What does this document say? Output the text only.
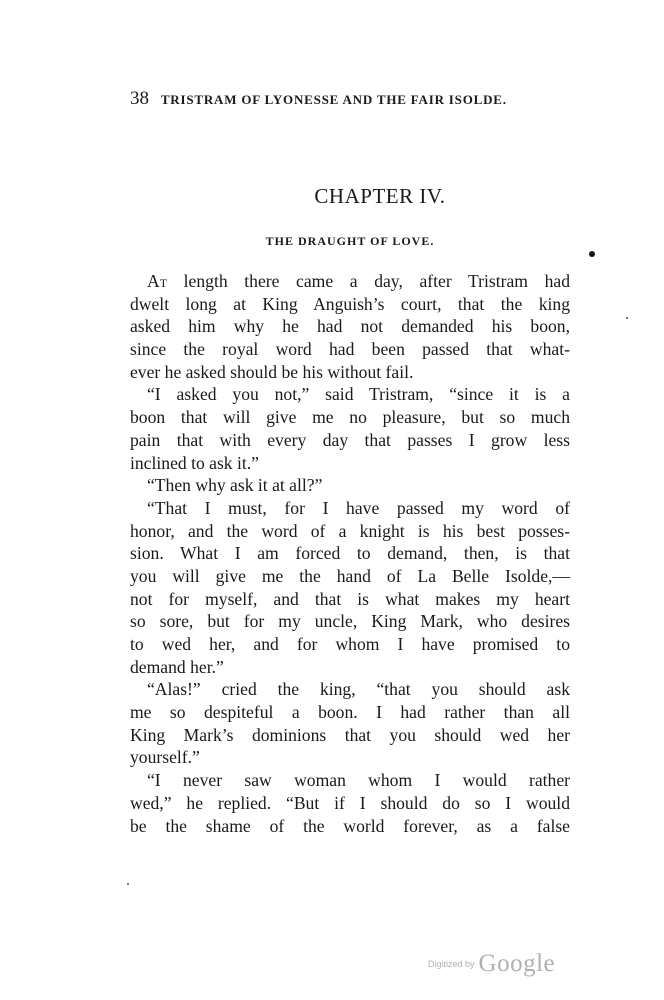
38 TRISTRAM OF LYONESSE AND THE FAIR ISOLDE.
CHAPTER IV.
THE DRAUGHT OF LOVE.
At length there came a day, after Tristram had
dwelt long at King Anguish’s court, that the king
asked him why he had not demanded his boon,
since the royal word had been passed that what-
ever he asked should be his without fail.
“I asked you not,” said Tristram, “since it is a
boon that will give me no pleasure, but so much
pain that with every day that passes I grow less
inclined to ask it.”
“Then why ask it at all?”
“That I must, for I have passed my word of
honor, and the word of a knight is his best posses-
sion. What I am forced to demand, then, is that
you will give me the hand of La Belle Isolde,—
not for myself, and that is what makes my heart
so sore, but for my uncle, King Mark, who desires
to wed her, and for whom I have promised to
demand her.”
“Alas!” cried the king, “that you should ask
me so despiteful a boon. I had rather than all
King Mark’s dominions that you should wed her
yourself.”
“I never saw woman whom I would rather
wed,” he replied. “But if I should do so I would
be the shame of the world forever, as a false
Digitized by Google
